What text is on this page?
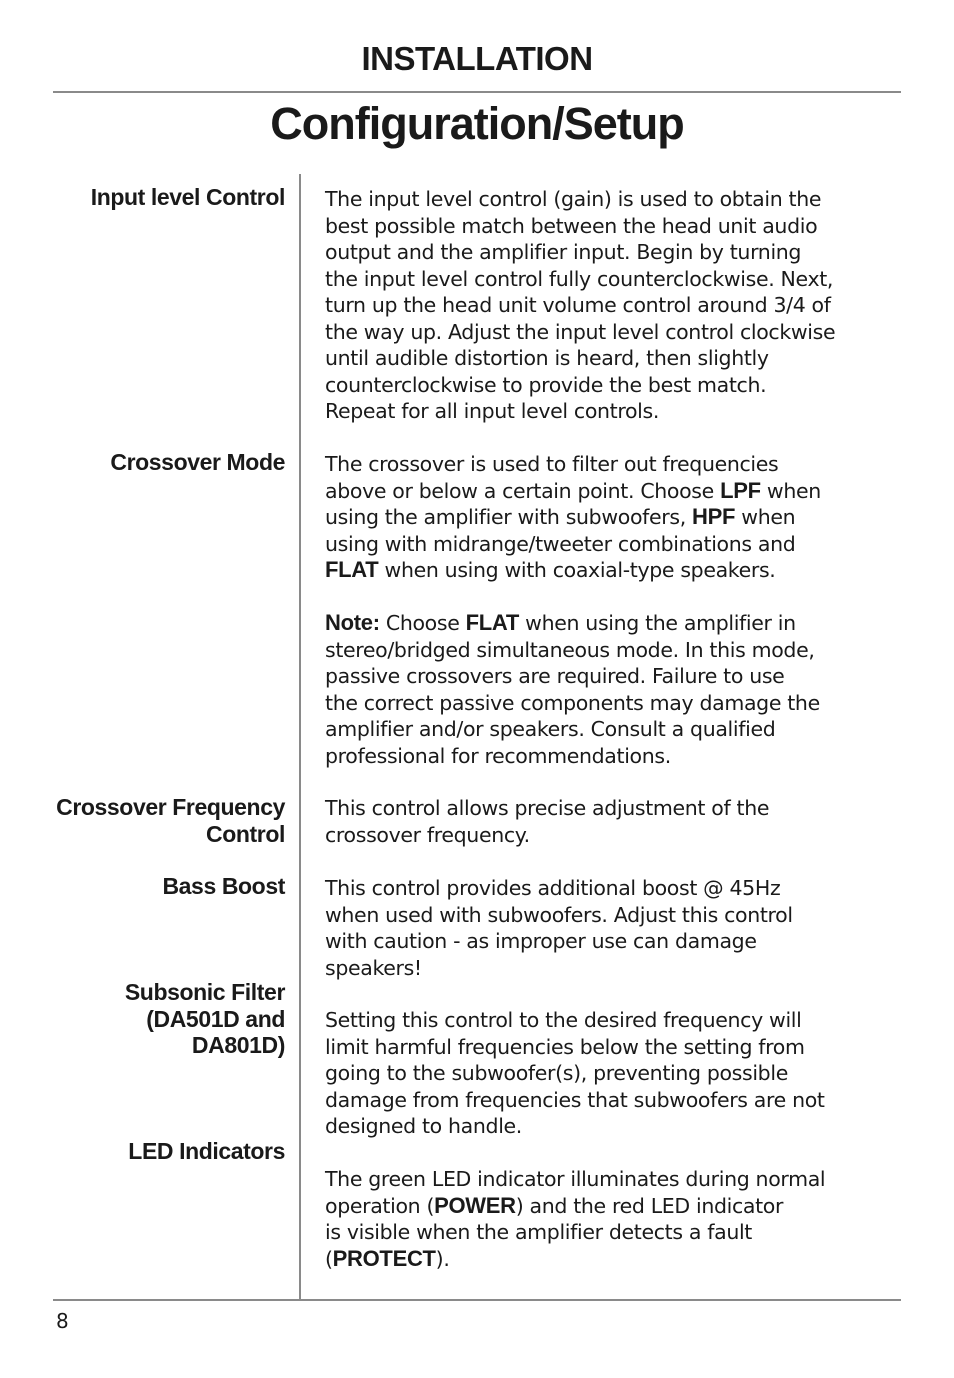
INSTALLATION
Configuration/Setup
Input level Control
Crossover Mode
Crossover Frequency
Control
Bass Boost
Subsonic Filter
(DA501D and
DA801D)
LED Indicators
The input level control (gain) is used to obtain the
best possible match between the head unit audio
output and the amplifier input. Begin by turning
the input level control fully counterclockwise. Next,
turn up the head unit volume control around 3/4 of
the way up. Adjust the input level control clockwise
until audible distortion is heard, then slightly
counterclockwise to provide the best match.
Repeat for all input level controls.
The crossover is used to filter out frequencies
above or below a certain point. Choose LPF when
using the amplifier with subwoofers, HPF when
using with midrange/tweeter combinations and
FLAT when using with coaxial-type speakers.
Note: Choose FLAT when using the amplifier in
stereo/bridged simultaneous mode. In this mode,
passive crossovers are required. Failure to use
the correct passive components may damage the
amplifier and/or speakers. Consult a qualified
professional for recommendations.
This control allows precise adjustment of the
crossover frequency.
This control provides additional boost @ 45Hz
when used with subwoofers. Adjust this control
with caution - as improper use can damage
speakers!
Setting this control to the desired frequency will
limit harmful frequencies below the setting from
going to the subwoofer(s), preventing possible
damage from frequencies that subwoofers are not
designed to handle.
The green LED indicator illuminates during normal
operation (POWER) and the red LED indicator
is visible when the amplifier detects a fault
(PROTECT).
8
